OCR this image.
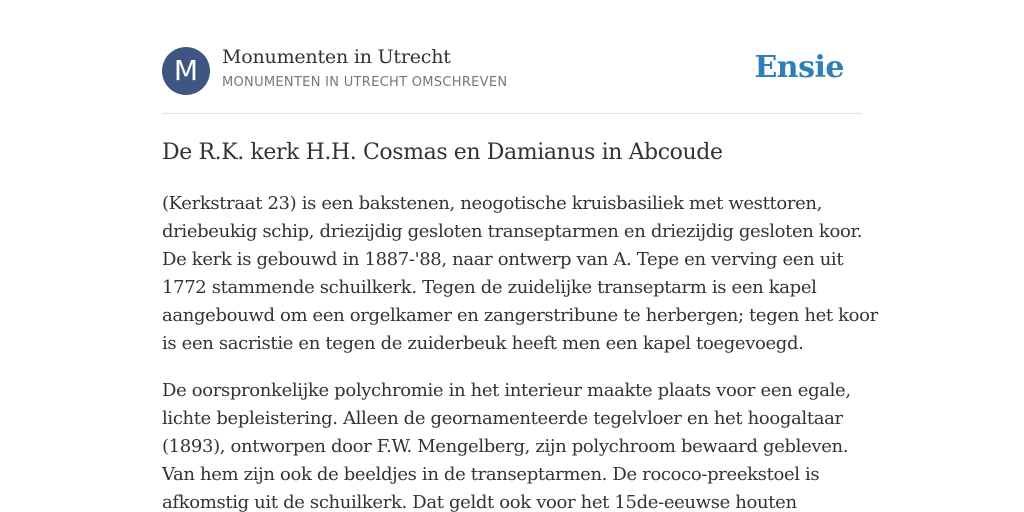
M	Monumenten in Utrecht
MONUMENTEN IN UTRECHT OMSCHREVEN	Ensie
De R.K. kerk H.H. Cosmas en Damianus in Abcoude
(Kerkstraat 23) is een bakstenen, neogotische kruisbasiliek met westtoren,
driebeukig schip, driezijdig gesloten transeptarmen en driezijdig gesloten koor.
De kerk is gebouwd in 1887-'88, naar ontwerp van A. Tepe en verving een uit
1772 stammende schuilkerk. Tegen de zuidelijke transeptarm is een kapel
aangebouwd om een orgelkamer en zangerstribune te herbergen; tegen het koor
is een sacristie en tegen de zuiderbeuk heeft men een kapel toegevoegd.
De oorspronkelijke polychromie in het interieur maakte plaats voor een egale,
lichte bepleistering. Alleen de geornamenteerde tegelvloer en het hoogaltaar
(1893), ontworpen door F.W. Mengelberg, zijn polychroom bewaard gebleven.
Van hem zijn ook de beeldjes in de transeptarmen. De rococo-preekstoel is
afkomstig uit de schuilkerk. Dat geldt ook voor het 15de-eeuwse houten
